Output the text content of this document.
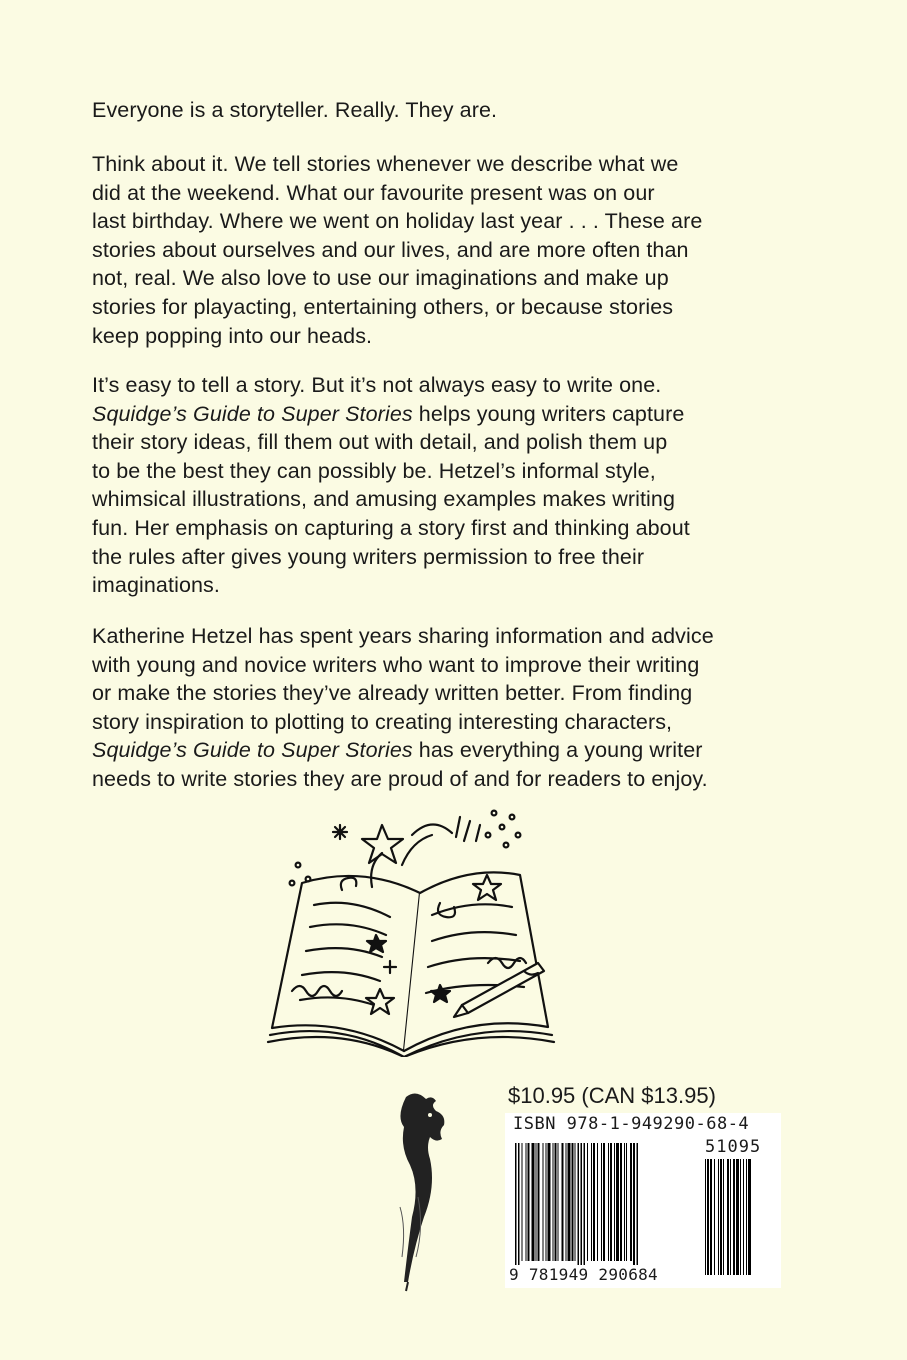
Everyone is a storyteller. Really. They are.
Think about it. We tell stories whenever we describe what we
did at the weekend. What our favourite present was on our
last birthday. Where we went on holiday last year . . . These are
stories about ourselves and our lives, and are more often than
not, real. We also love to use our imaginations and make up
stories for playacting, entertaining others, or because stories
keep popping into our heads.
It’s easy to tell a story. But it’s not always easy to write one.
Squidge’s Guide to Super Stories helps young writers capture
their story ideas, fill them out with detail, and polish them up
to be the best they can possibly be. Hetzel’s informal style,
whimsical illustrations, and amusing examples makes writing
fun. Her emphasis on capturing a story first and thinking about
the rules after gives young writers permission to free their
imaginations.
Katherine Hetzel has spent years sharing information and advice
with young and novice writers who want to improve their writing
or make the stories they’ve already written better. From finding
story inspiration to plotting to creating interesting characters,
Squidge’s Guide to Super Stories has everything a young writer
needs to write stories they are proud of and for readers to enjoy.
$10.95 (CAN $13.95)
ISBN 978-1-949290-68-4
51095
9 781949 290684
